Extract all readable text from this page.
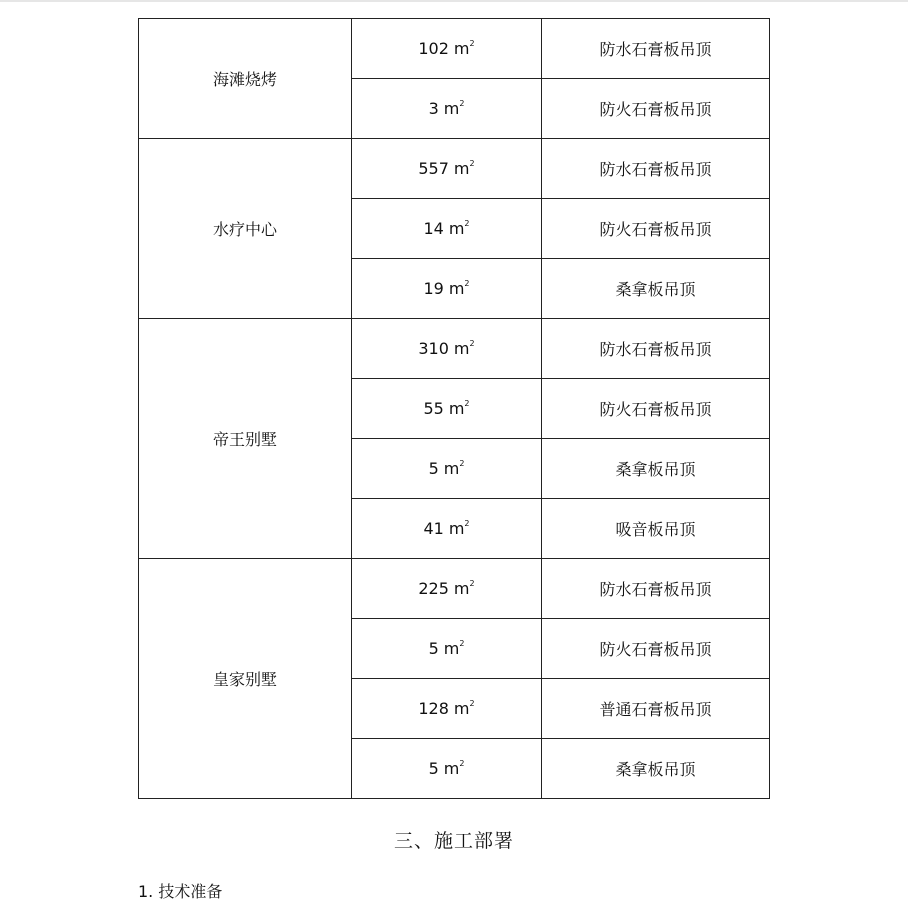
海滩烧烤	102 $m^2$	防水石膏板吊顶
	3 $m^2$	防火石膏板吊顶
水疗中心	557 $m^2$	防水石膏板吊顶
	14 $m^2$	防火石膏板吊顶
	19 $m^2$	桑拿板吊顶
帝王别墅	310 $m^2$	防水石膏板吊顶
	55 $m^2$	防火石膏板吊顶
	5 $m^2$	桑拿板吊顶
	41 $m^2$	吸音板吊顶
皇家别墅	225 $m^2$	防水石膏板吊顶
	5 $m^2$	防火石膏板吊顶
	128 $m^2$	普通石膏板吊顶
	5 $m^2$	桑拿板吊顶
三、施工部署
1. 技术准备
